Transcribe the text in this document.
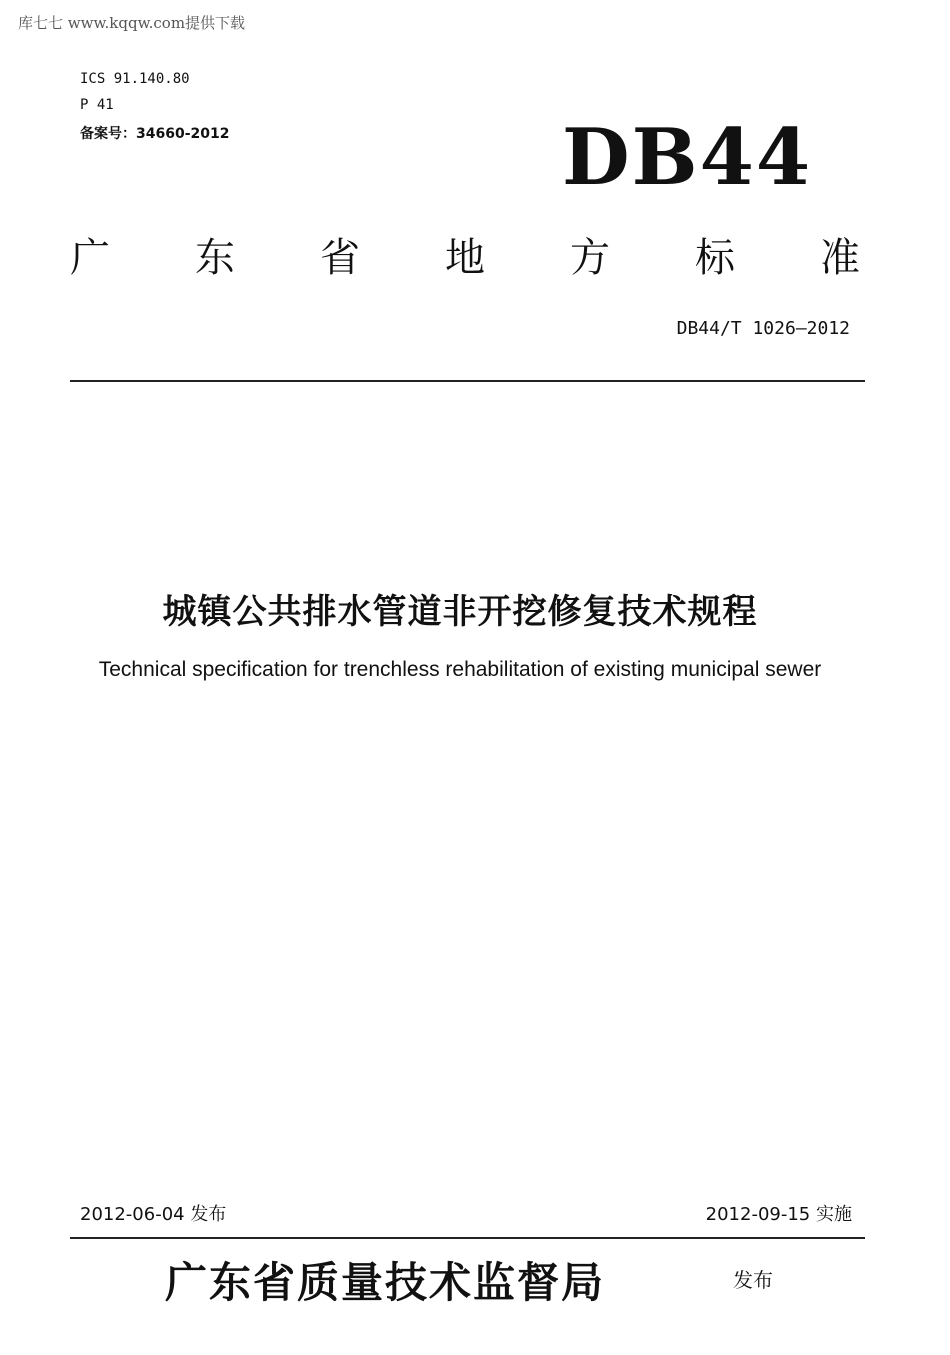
库七七 www.kqqw.com提供下载
ICS 91.140.80
P 41
备案号：34660-2012	DB44
广 东 省 地 方 标 准
DB44/T 1026—2012
城镇公共排水管道非开挖修复技术规程
Technical specification for trenchless rehabilitation of existing municipal sewer
2012-06-04 发布	2012-09-15 实施
广东省质量技术监督局	发布
